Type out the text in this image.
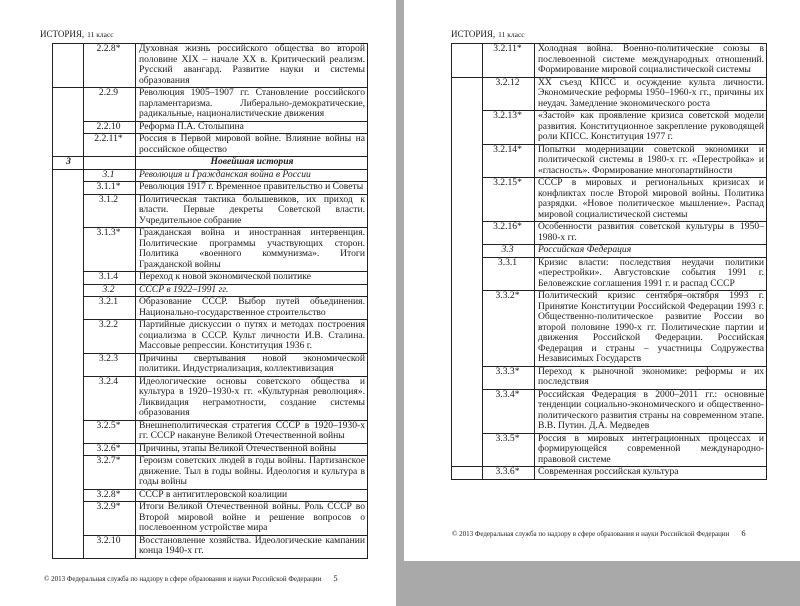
ИСТОРИЯ, 11 класс
	2.2.8*	Духовная жизнь российского общества во второй половине XIX – начале XX в. Критический реализм. Русский авангард. Развитие науки и системы образования
	2.2.9	Революция 1905–1907 гг. Становление российского парламентаризма. Либерально-демократические, радикальные, националистические движения
	2.2.10	Реформа П.А. Столыпина
	2.2.11*	Россия в Первой мировой войне. Влияние войны на российское общество
3		Новейшая история
	3.1	Революция и Гражданская война в России
	3.1.1*	Революция 1917 г. Временное правительство и Советы
	3.1.2	Политическая тактика большевиков, их приход к власти. Первые декреты Советской власти. Учредительное собрание
	3.1.3*	Гражданская война и иностранная интервенция. Политические программы участвующих сторон. Политика «военного коммунизма». Итоги Гражданской войны
	3.1.4	Переход к новой экономической политике
	3.2	СССР в 1922–1991 гг.
	3.2.1	Образование СССР. Выбор путей объединения. Национально-государственное строительство
	3.2.2	Партийные дискуссии о путях и методах построения социализма в СССР. Культ личности И.В. Сталина. Массовые репрессии. Конституция 1936 г.
	3.2.3	Причины свертывания новой экономической политики. Индустриализация, коллективизация
	3.2.4	Идеологические основы советского общества и культура в 1920–1930-х гг. «Культурная революция». Ликвидация неграмотности, создание системы образования
	3.2.5*	Внешнеполитическая стратегия СССР в 1920–1930-х гг. СССР накануне Великой Отечественной войны
	3.2.6*	Причины, этапы Великой Отечественной войны
	3.2.7*	Героизм советских людей в годы войны. Партизанское движение. Тыл в годы войны. Идеология и культура в годы войны
	3.2.8*	СССР в антигитлеровской коалиции
	3.2.9*	Итоги Великой Отечественной войны. Роль СССР во Второй мировой войне и решение вопросов о послевоенном устройстве мира
	3.2.10	Восстановление хозяйства. Идеологические кампании конца 1940-х гг.
© 2013 Федеральная служба по надзору в сфере образования и науки Российской Федерации 5
ИСТОРИЯ, 11 класс
	3.2.11*	Холодная война. Военно-политические союзы в послевоенной системе международных отношений. Формирование мировой социалистической системы
	3.2.12	XX съезд КПСС и осуждение культа личности. Экономические реформы 1950–1960-х гг., причины их неудач. Замедление экономического роста
	3.2.13*	«Застой» как проявление кризиса советской модели развития. Конституционное закрепление руководящей роли КПСС. Конституция 1977 г.
	3.2.14*	Попытки модернизации советской экономики и политической системы в 1980-х гг. «Перестройка» и «гласность». Формирование многопартийности
	3.2.15*	СССР в мировых и региональных кризисах и конфликтах после Второй мировой войны. Политика разрядки. «Новое политическое мышление». Распад мировой социалистической системы
	3.2.16*	Особенности развития советской культуры в 1950–1980-х гг.
	3.3	Российская Федерация
	3.3.1	Кризис власти: последствия неудачи политики «перестройки». Августовские события 1991 г. Беловежские соглашения 1991 г. и распад СССР
	3.3.2*	Политический кризис сентября–октября 1993 г. Принятие Конституции Российской Федерации 1993 г. Общественно-политическое развитие России во второй половине 1990-х гг. Политические партии и движения Российской Федерации. Российская Федерация и страны – участницы Содружества Независимых Государств
	3.3.3*	Переход к рыночной экономике: реформы и их последствия
	3.3.4*	Российская Федерация в 2000–2011 гг.: основные тенденции социально-экономического и общественно-политического развития страны на современном этапе. В.В. Путин. Д.А. Медведев
	3.3.5*	Россия в мировых интеграционных процессах и формирующейся современной международно-правовой системе
	3.3.6*	Современная российская культура
© 2013 Федеральная служба по надзору в сфере образования и науки Российской Федерации 6
